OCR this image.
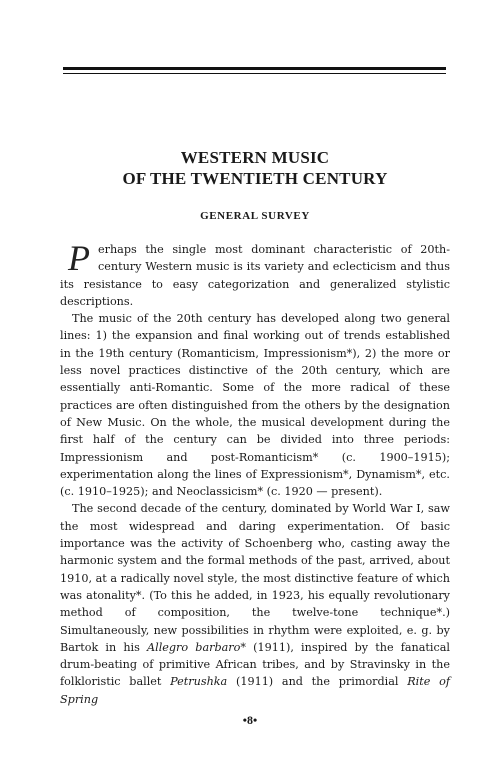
WESTERN MUSIC
OF THE TWENTIETH CENTURY
GENERAL SURVEY

Perhaps the single most dominant characteristic of 20th-century Western music is its variety and eclecticism and thus its resistance to easy categorization and generalized stylistic descriptions.

The music of the 20th century has developed along two general lines: 1) the expansion and final working out of trends established in the 19th century (Romanticism, Impressionism*), 2) the more or less novel practices distinctive of the 20th century, which are essentially anti-Romantic. Some of the more radical of these practices are often distinguished from the others by the designation of New Music. On the whole, the musical development during the first half of the century can be divided into three periods: Impressionism and post-Romanticism* (c. 1900–1915); experimentation along the lines of Expressionism*, Dynamism*, etc. (c. 1910–1925); and Neoclassicism* (c. 1920 — present).

The second decade of the century, dominated by World War I, saw the most widespread and daring experimentation. Of basic importance was the activity of Schoenberg who, casting away the harmonic system and the formal methods of the past, arrived, about 1910, at a radically novel style, the most distinctive feature of which was atonality*. (To this he added, in 1923, his equally revolutionary method of composition, the twelve-tone technique*.) Simultaneously, new possibilities in rhythm were exploited, e. g. by Bartok in his Allegro barbaro* (1911), inspired by the fanatical drum-beating of primitive African tribes, and by Stravinsky in the folkloristic ballet Petrushka (1911) and the primordial Rite of Spring

•8•
